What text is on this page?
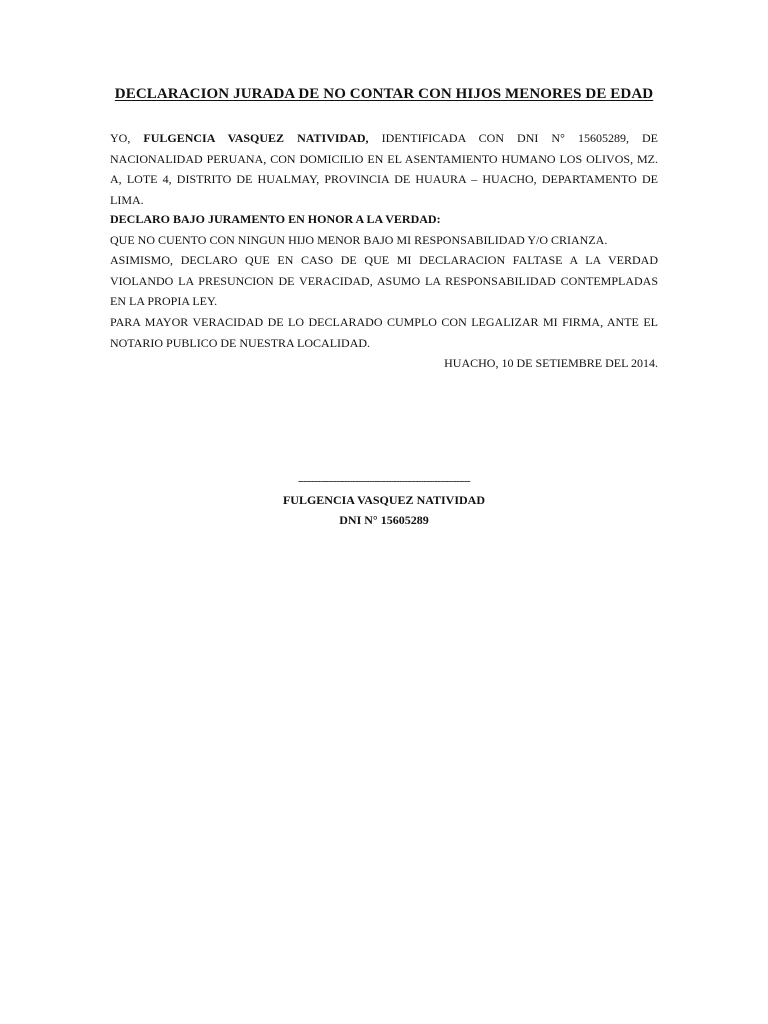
DECLARACION JURADA DE NO CONTAR CON HIJOS MENORES DE EDAD
YO, FULGENCIA VASQUEZ NATIVIDAD, IDENTIFICADA CON DNI N° 15605289, DE NACIONALIDAD PERUANA, CON DOMICILIO EN EL ASENTAMIENTO HUMANO LOS OLIVOS, MZ. A, LOTE 4, DISTRITO DE HUALMAY, PROVINCIA DE HUAURA – HUACHO, DEPARTAMENTO DE LIMA.
DECLARO BAJO JURAMENTO EN HONOR A LA VERDAD:
QUE NO CUENTO CON NINGUN HIJO MENOR BAJO MI RESPONSABILIDAD Y/O CRIANZA.
ASIMISMO, DECLARO QUE EN CASO DE QUE MI DECLARACION FALTASE A LA VERDAD VIOLANDO LA PRESUNCION DE VERACIDAD, ASUMO LA RESPONSABILIDAD CONTEMPLADAS EN LA PROPIA LEY.
PARA MAYOR VERACIDAD DE LO DECLARADO CUMPLO CON LEGALIZAR MI FIRMA, ANTE EL NOTARIO PUBLICO DE NUESTRA LOCALIDAD.
HUACHO, 10 DE SETIEMBRE DEL 2014.
---------------------------------------------------------------
FULGENCIA VASQUEZ NATIVIDAD
DNI N° 15605289
